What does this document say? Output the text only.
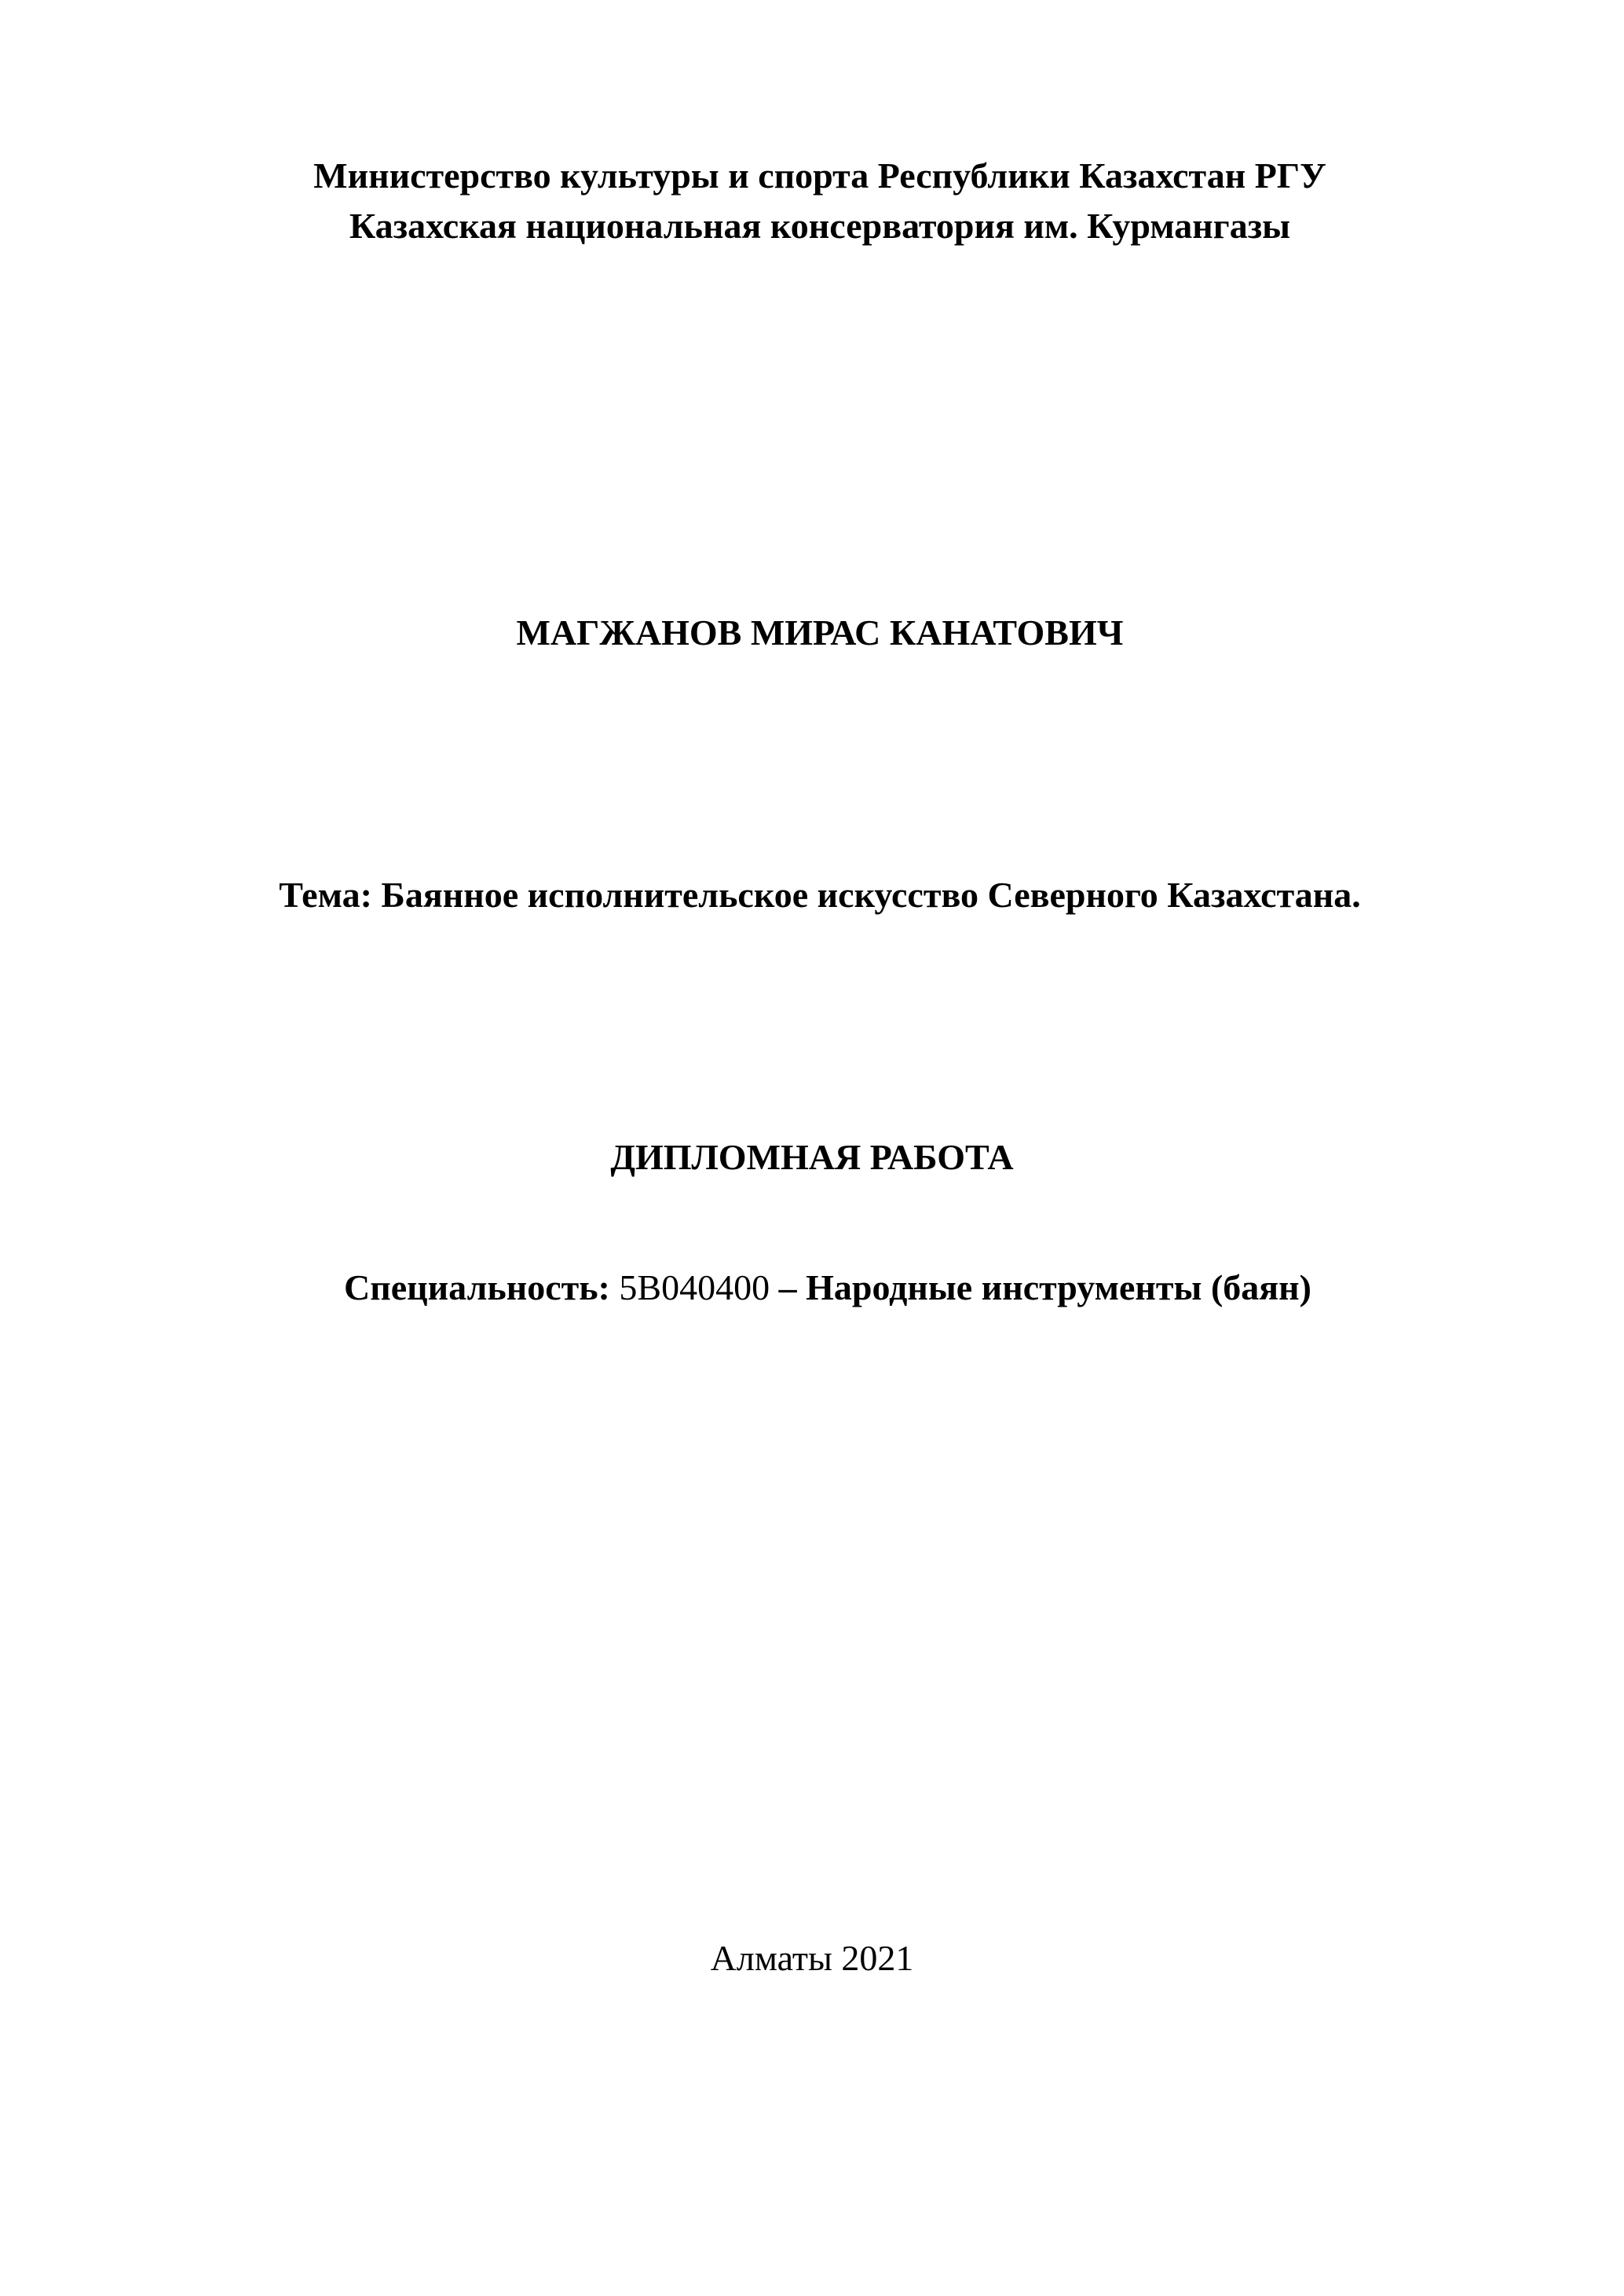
Министерство культуры и спорта Республики Казахстан РГУ
Казахская национальная консерватория им. Курмангазы
МАГЖАНОВ МИРАС КАНАТОВИЧ
Тема: Баянное исполнительское искусство Северного Казахстана.
ДИПЛОМНАЯ РАБОТА
Специальность: 5В040400 – Народные инструменты (баян)
Алматы 2021
